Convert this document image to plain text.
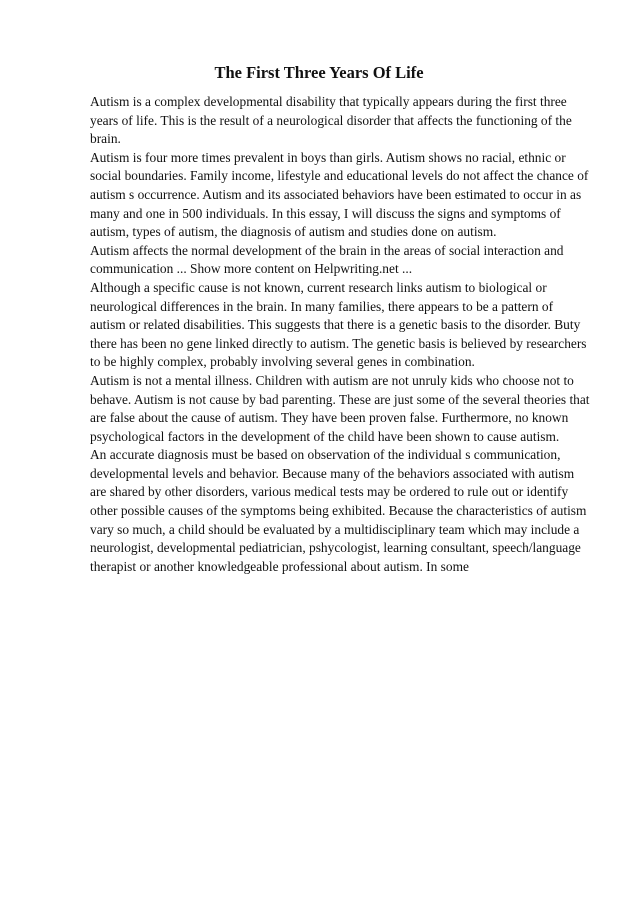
The First Three Years Of Life

Autism is a complex developmental disability that typically appears during the first three years of life. This is the result of a neurological disorder that affects the functioning of the brain.

Autism is four more times prevalent in boys than girls. Autism shows no racial, ethnic or social boundaries. Family income, lifestyle and educational levels do not affect the chance of autism s occurrence. Autism and its associated behaviors have been estimated to occur in as many and one in 500 individuals. In this essay, I will discuss the signs and symptoms of autism, types of autism, the diagnosis of autism and studies done on autism.

Autism affects the normal development of the brain in the areas of social interaction and communication ... Show more content on Helpwriting.net ...

Although a specific cause is not known, current research links autism to biological or neurological differences in the brain. In many families, there appears to be a pattern of autism or related disabilities. This suggests that there is a genetic basis to the disorder. Buty there has been no gene linked directly to autism. The genetic basis is believed by researchers to be highly complex, probably involving several genes in combination.

Autism is not a mental illness. Children with autism are not unruly kids who choose not to behave. Autism is not cause by bad parenting. These are just some of the several theories that are false about the cause of autism. They have been proven false. Furthermore, no known psychological factors in the development of the child have been shown to cause autism.

An accurate diagnosis must be based on observation of the individual s communication, developmental levels and behavior. Because many of the behaviors associated with autism are shared by other disorders, various medical tests may be ordered to rule out or identify other possible causes of the symptoms being exhibited. Because the characteristics of autism vary so much, a child should be evaluated by a multidisciplinary team which may include a neurologist, developmental pediatrician, pshycologist, learning consultant, speech/language therapist or another knowledgeable professional about autism. In some
